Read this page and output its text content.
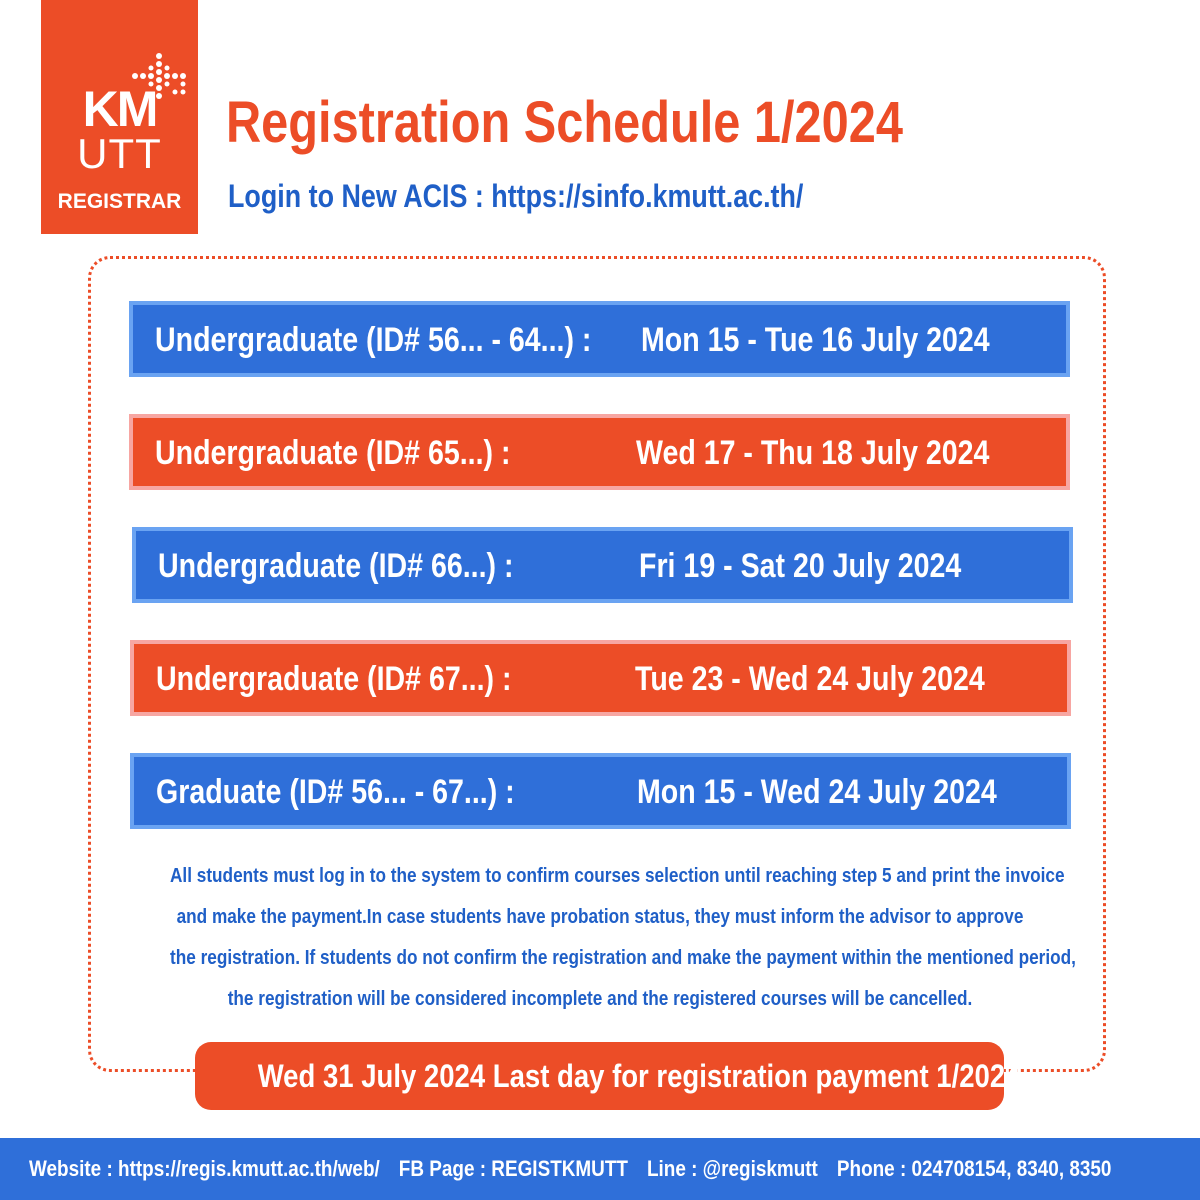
KM
UTT
REGISTRAR
Registration Schedule 1/2024
Login to New ACIS : https://sinfo.kmutt.ac.th/
Undergraduate (ID# 56... - 64...) : Mon 15 - Tue 16 July 2024
Undergraduate (ID# 65...) :	Wed 17 - Thu 18 July 2024
Undergraduate (ID# 66...) :	Fri 19 - Sat 20 July 2024
Undergraduate (ID# 67...) :	Tue 23 - Wed 24 July 2024
Graduate (ID# 56... - 67...) :	Mon 15 - Wed 24 July 2024

All students must log in to the system to confirm courses selection until reaching step 5 and print the invoice
and make the payment.In case students have probation status, they must inform the advisor to approve
the registration. If students do not confirm the registration and make the payment within the mentioned period,
the registration will be considered incomplete and the registered courses will be cancelled.

Wed 31 July 2024 Last day for registration payment 1/2024.
Website : https://regis.kmutt.ac.th/web/ FB Page : REGISTKMUTT Line : @regiskmutt Phone : 024708154, 8340, 8350
